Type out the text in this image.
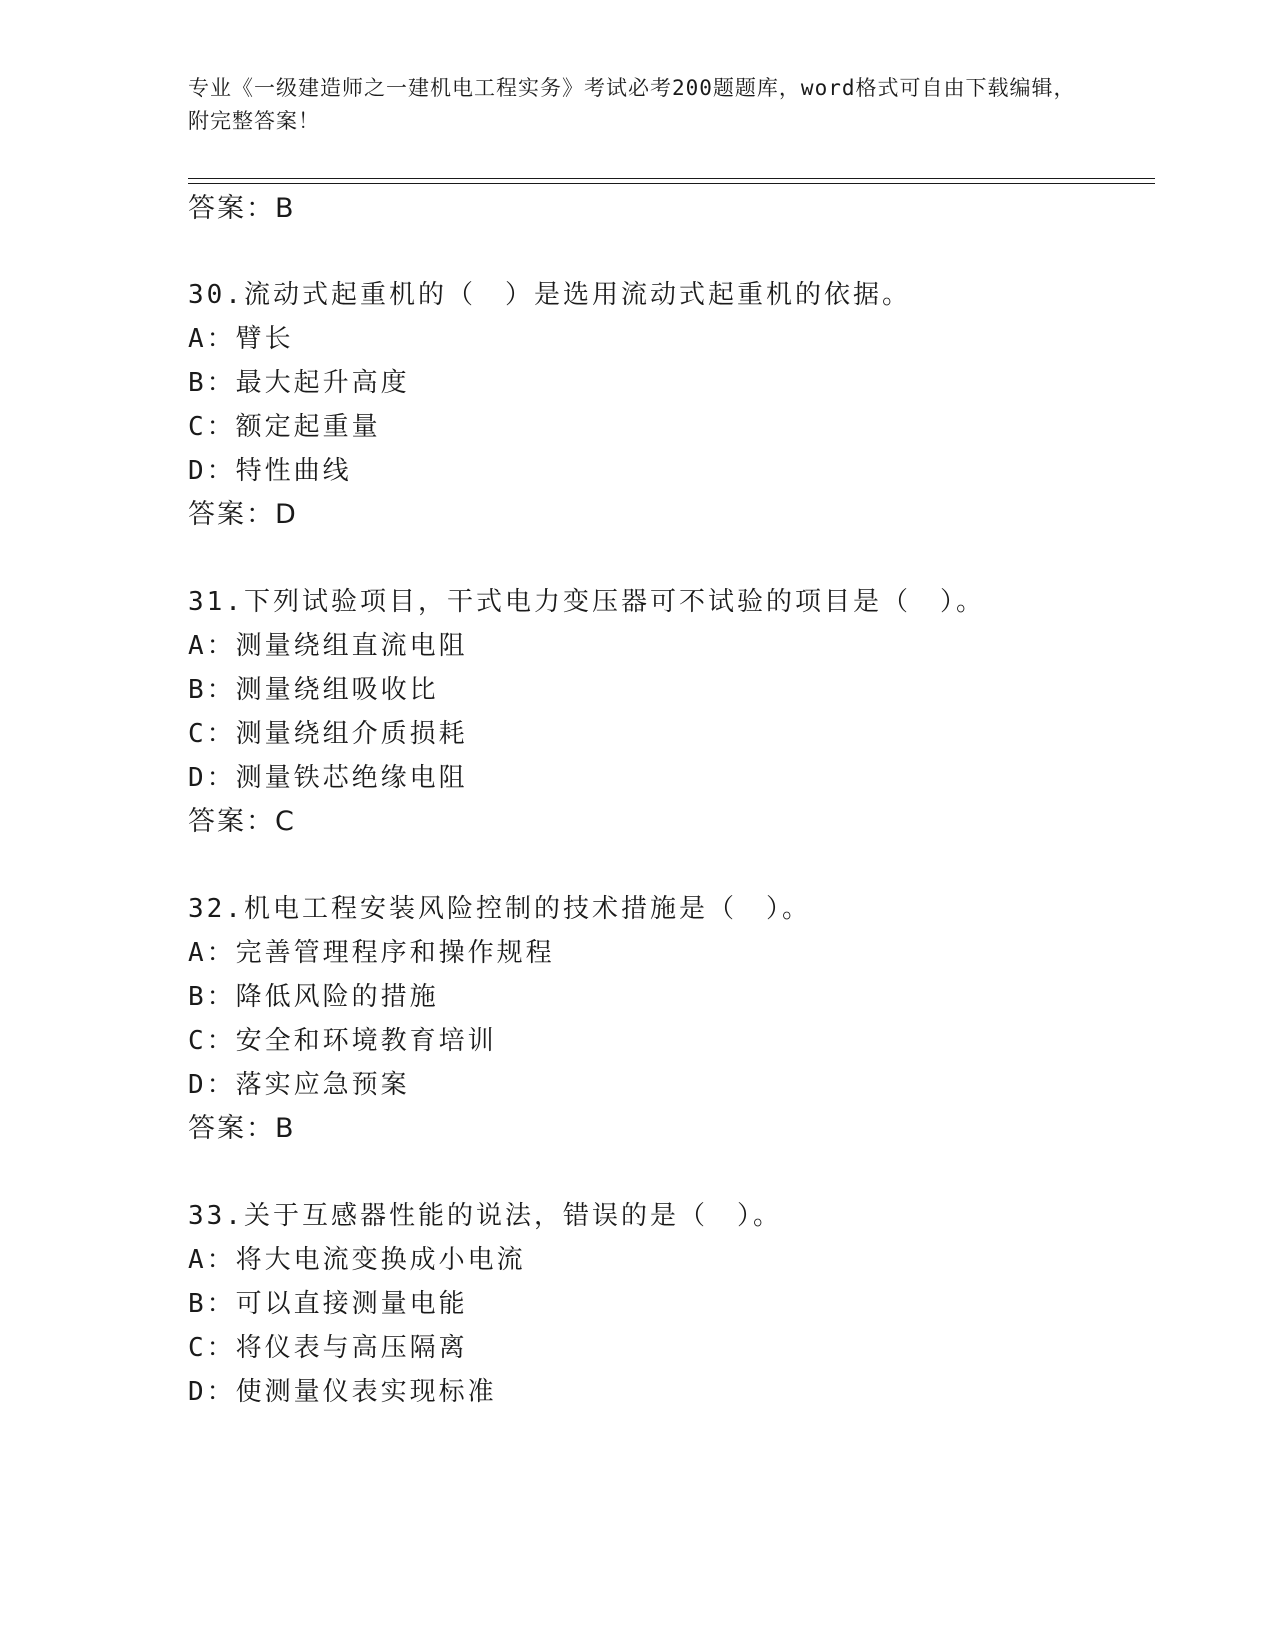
专业《一级建造师之一建机电工程实务》考试必考200题题库，word格式可自由下载编辑，附完整答案！
答案：B
30.流动式起重机的（　）是选用流动式起重机的依据。
A：臂长
B：最大起升高度
C：额定起重量
D：特性曲线
答案：D
31.下列试验项目，干式电力变压器可不试验的项目是（　）。
A：测量绕组直流电阻
B：测量绕组吸收比
C：测量绕组介质损耗
D：测量铁芯绝缘电阻
答案：C
32.机电工程安装风险控制的技术措施是（　）。
A：完善管理程序和操作规程
B：降低风险的措施
C：安全和环境教育培训
D：落实应急预案
答案：B
33.关于互感器性能的说法，错误的是（　）。
A：将大电流变换成小电流
B：可以直接测量电能
C：将仪表与高压隔离
D：使测量仪表实现标准
